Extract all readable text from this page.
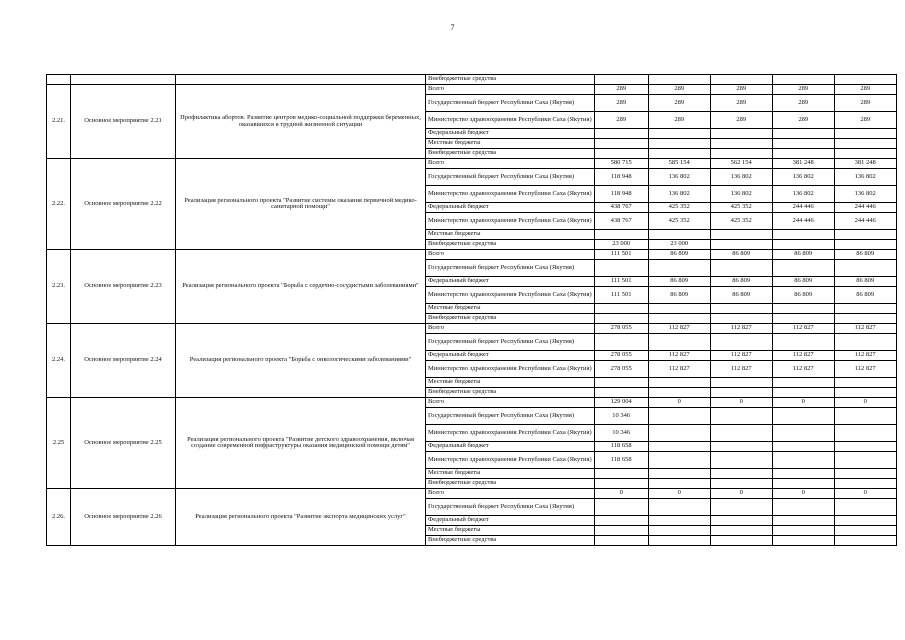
7
			Внебюджетные средства					
2.21.	Основное мероприятие 2.21	Профилактика абортов. Развитие центров медико-социальной поддержки беременных, оказавшихся в трудной жизненной ситуации	Всего	289	289	289	289	289
			Государственный бюджет Республики Саха (Якутия)	289	289	289	289	289
			Министерство здравоохранения Республики Саха (Якутия)	289	289	289	289	289
			Федеральный бюджет					
			Местные бюджеты					
			Внебюджетные средства					
2.22.	Основное мероприятие 2.22	Реализация регионального проекта "Развитие системы оказания первичной медико-санитарной помощи"	Всего	580 715	585 154	562 154	381 248	381 248
			Государственный бюджет Республики Саха (Якутия)	118 948	136 802	136 802	136 802	136 802
			Министерство здравоохранения Республики Саха (Якутия)	118 948	136 802	136 802	136 802	136 802
			Федеральный бюджет	438 767	425 352	425 352	244 446	244 446
			Министерство здравоохранения Республики Саха (Якутия)	438 767	425 352	425 352	244 446	244 446
			Местные бюджеты					
			Внебюджетные средства	23 000	23 000			
2.23.	Основное мероприятие 2.23	Реализация регионального проекта "Борьба с сердечно-сосудистыми заболеваниями"	Всего	111 501	86 809	86 809	86 809	86 809
			Государственный бюджет Республики Саха (Якутия)					
			Федеральный бюджет	111 501	86 809	86 809	86 809	86 809
			Министерство здравоохранения Республики Саха (Якутия)	111 501	86 809	86 809	86 809	86 809
			Местные бюджеты					
			Внебюджетные средства					
2.24.	Основное мероприятие 2.24	Реализация регионального проекта "Борьба с онкологическими заболеваниями"	Всего	278 055	112 827	112 827	112 827	112 827
			Государственный бюджет Республики Саха (Якутия)					
			Федеральный бюджет	278 055	112 827	112 827	112 827	112 827
			Министерство здравоохранения Республики Саха (Якутия)	278 055	112 827	112 827	112 827	112 827
			Местные бюджеты					
			Внебюджетные средства					
2.25	Основное мероприятие 2.25	Реализация регионального проекта "Развитие детского здравоохранения, включая создание современной инфраструктуры оказания медицинской помощи детям"	Всего	129 004	0	0	0	0
			Государственный бюджет Республики Саха (Якутия)	10 346				
			Министерство здравоохранения Республики Саха (Якутия)	10 346				
			Федеральный бюджет	118 658				
			Министерство здравоохранения Республики Саха (Якутия)	118 658				
			Местные бюджеты					
			Внебюджетные средства					
2.26.	Основное мероприятие 2.26	Реализация регионального проекта "Развитие экспорта медицинских услуг"	Всего	0	0	0	0	0
			Государственный бюджет Республики Саха (Якутия)					
			Федеральный бюджет					
			Местные бюджеты					
			Внебюджетные средства					
